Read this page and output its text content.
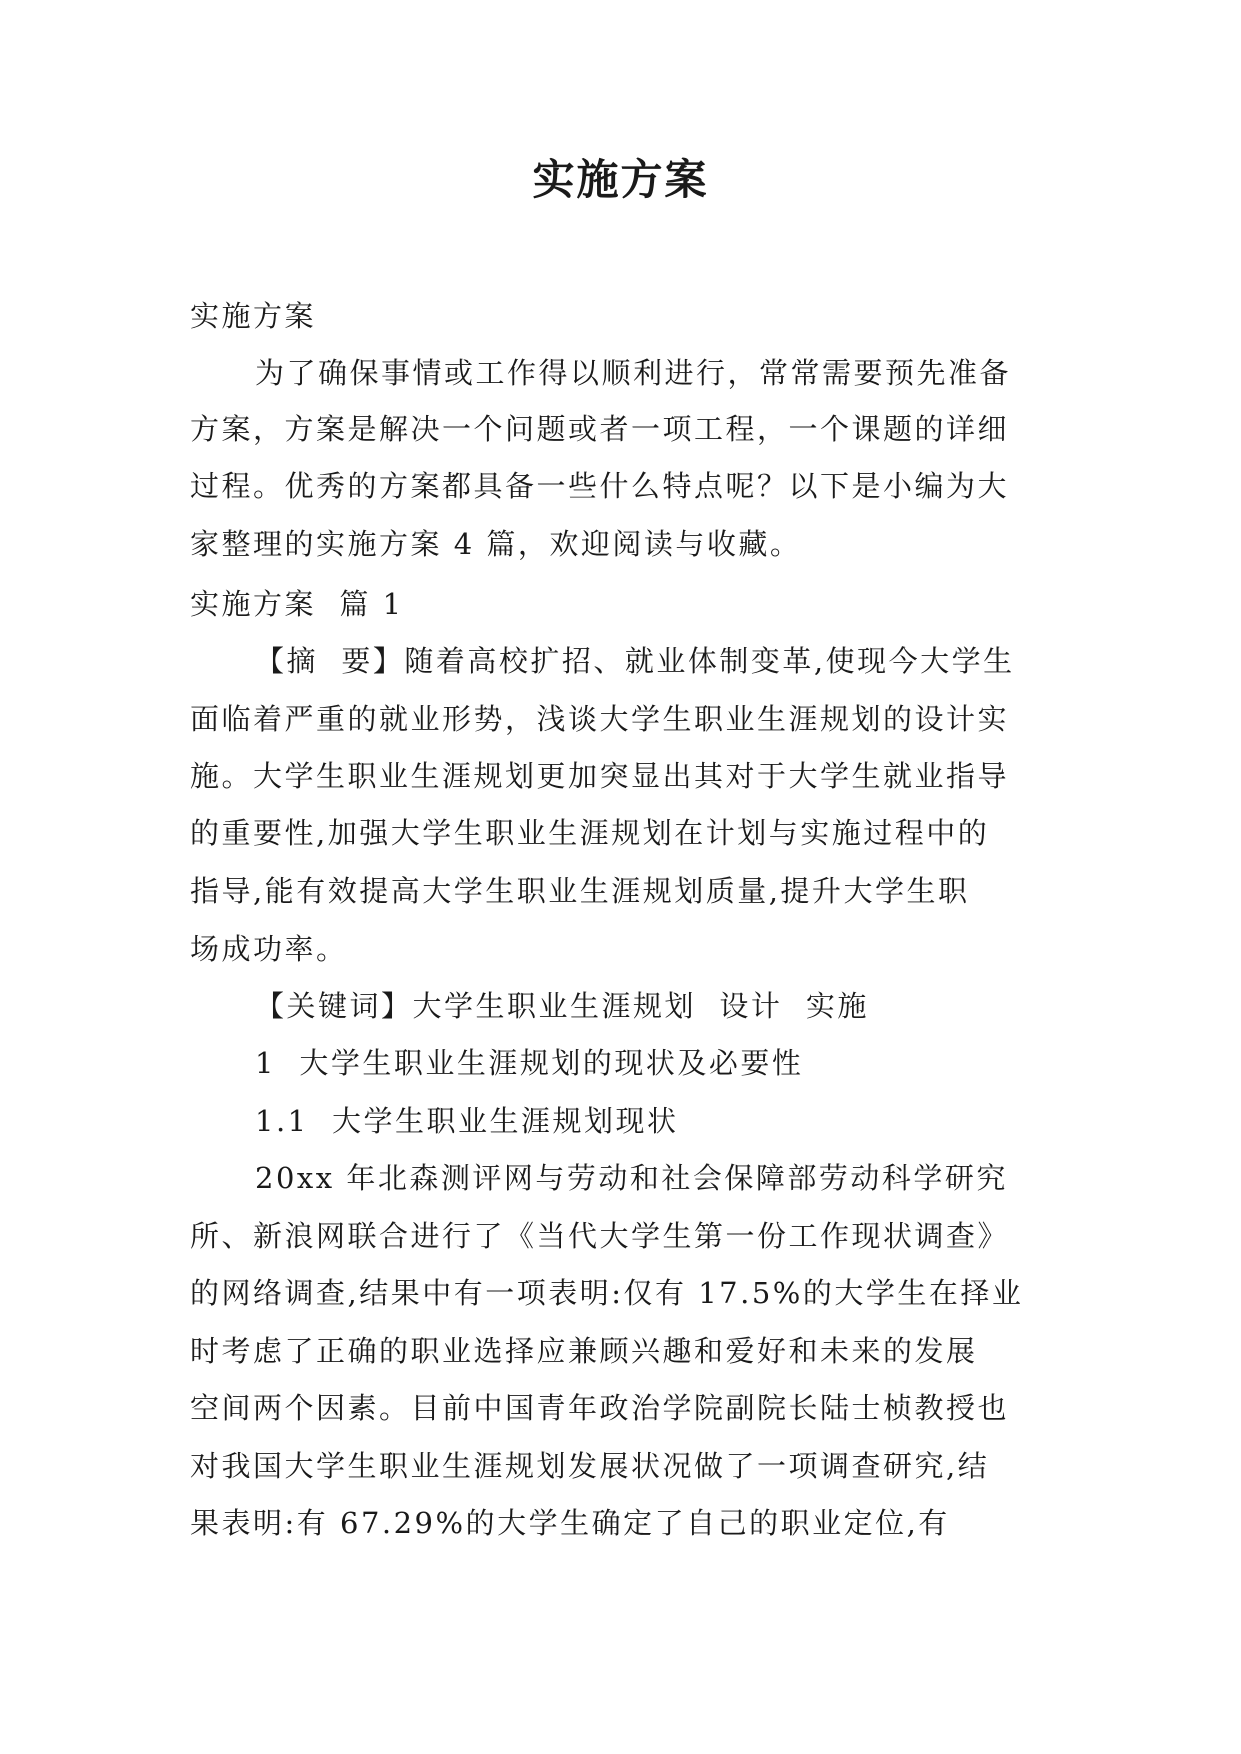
实施方案
实施方案
为了确保事情或工作得以顺利进行，常常需要预先准备
方案，方案是解决一个问题或者一项工程，一个课题的详细
过程。优秀的方案都具备一些什么特点呢？以下是小编为大
家整理的实施方案 4 篇，欢迎阅读与收藏。
实施方案  篇 1
【摘  要】随着高校扩招、就业体制变革,使现今大学生
面临着严重的就业形势，浅谈大学生职业生涯规划的设计实
施。大学生职业生涯规划更加突显出其对于大学生就业指导
的重要性,加强大学生职业生涯规划在计划与实施过程中的
指导,能有效提高大学生职业生涯规划质量,提升大学生职
场成功率。
【关键词】大学生职业生涯规划  设计  实施
1  大学生职业生涯规划的现状及必要性
1.1  大学生职业生涯规划现状
20xx 年北森测评网与劳动和社会保障部劳动科学研究
所、新浪网联合进行了《当代大学生第一份工作现状调查》
的网络调查,结果中有一项表明:仅有 17.5%的大学生在择业
时考虑了正确的职业选择应兼顾兴趣和爱好和未来的发展
空间两个因素。目前中国青年政治学院副院长陆士桢教授也
对我国大学生职业生涯规划发展状况做了一项调查研究,结
果表明:有 67.29%的大学生确定了自己的职业定位,有
